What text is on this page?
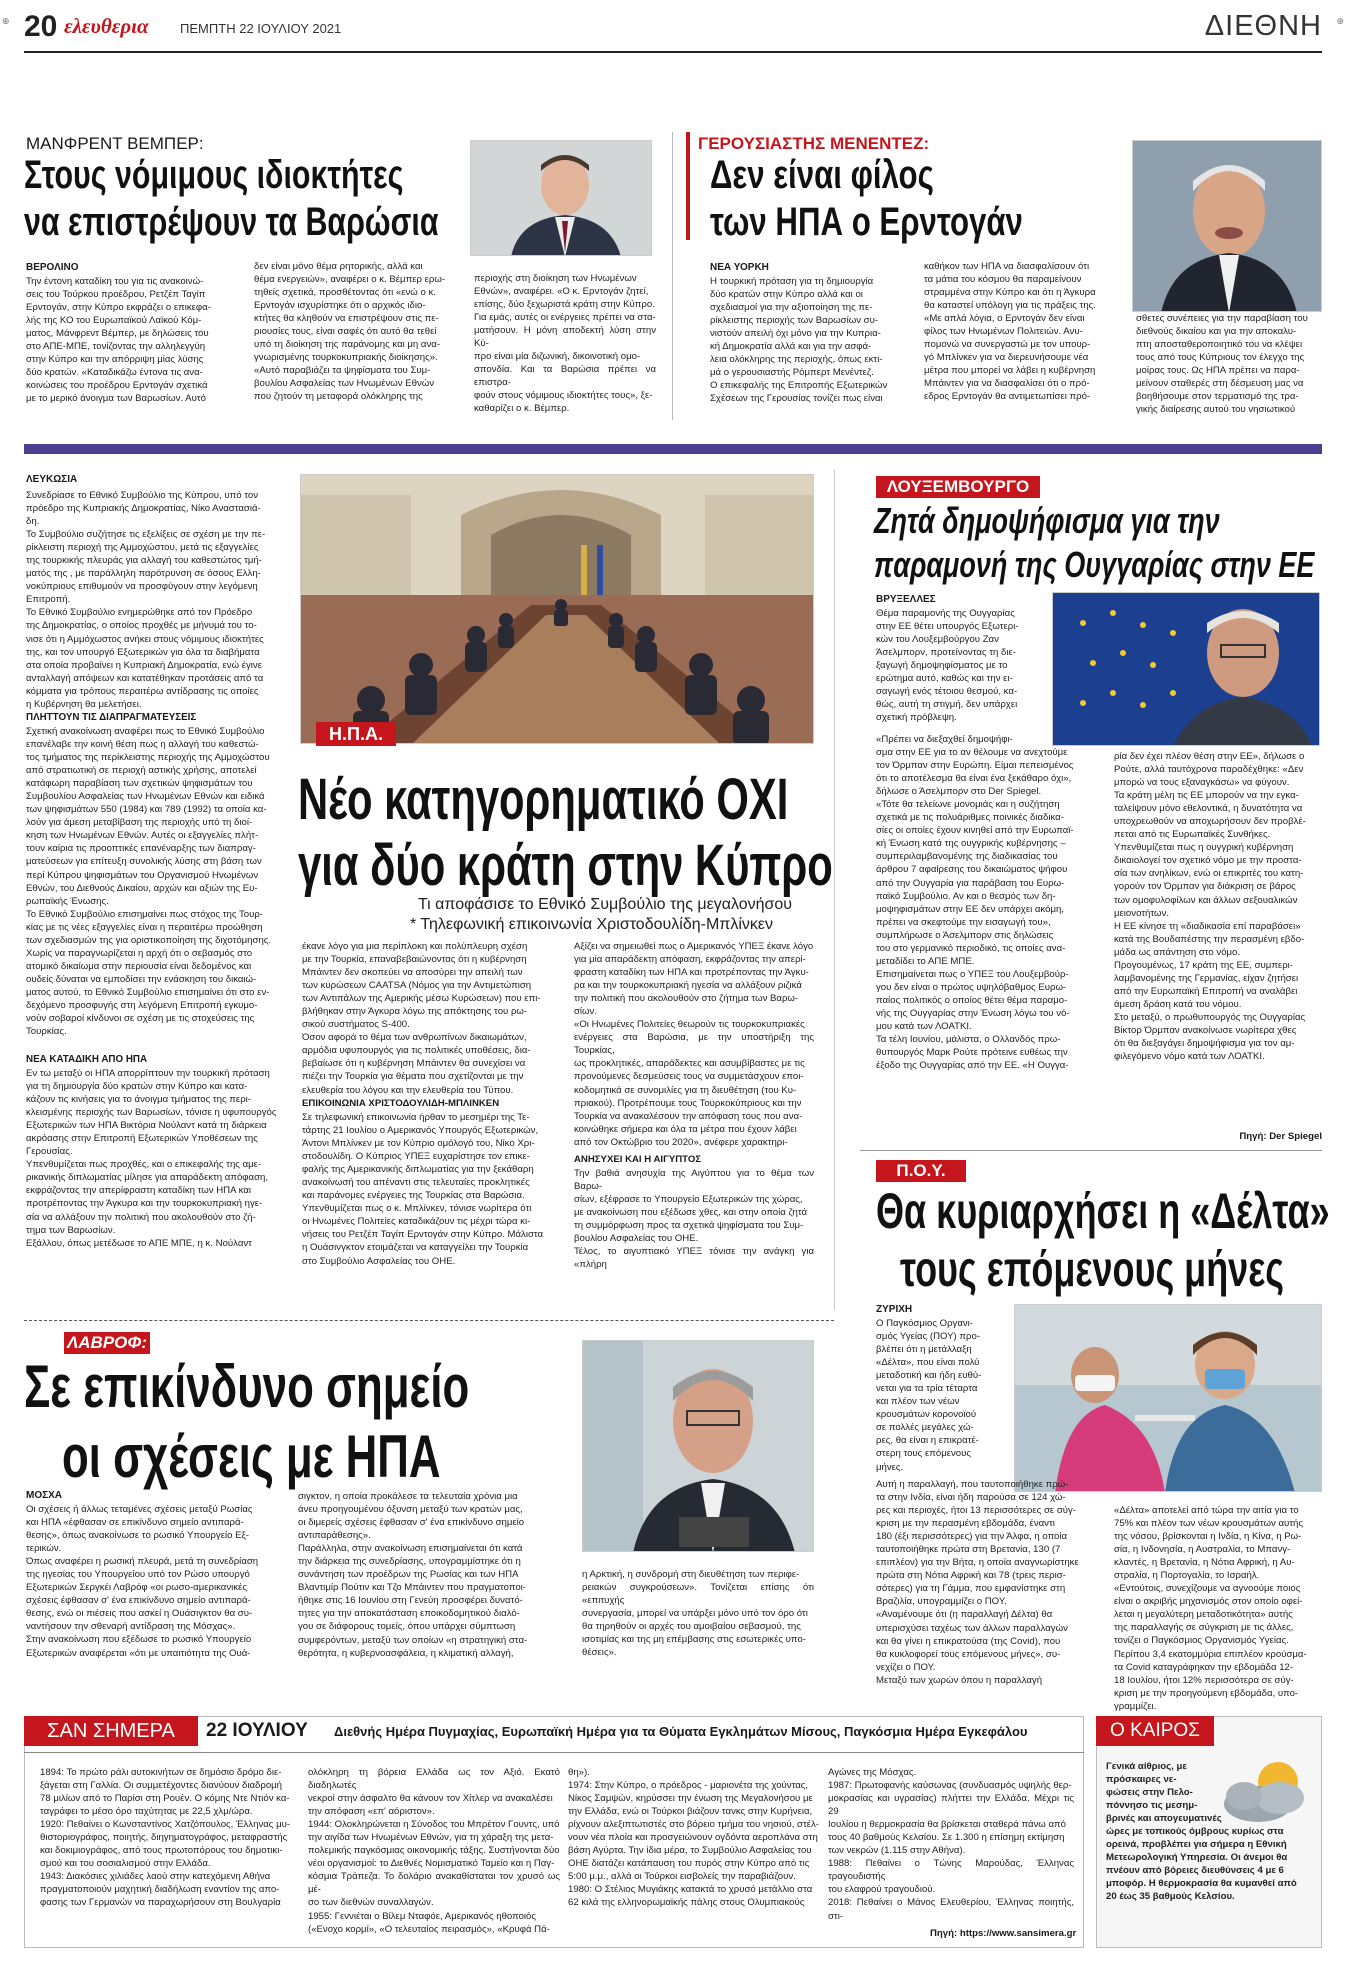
⊕ 20 ελευθερια ΠΕΜΠΤΗ 22 ΙΟΥΛΙΟΥ 2021	ΔΙΕΘΝΗ ⊕
ΜΑΝΦΡΕΝΤ ΒΕΜΠΕΡ:
Στους νόμιμους ιδιοκτήτες
να επιστρέψουν τα Βαρώσια
ΒΕΡΟΛΙΝΟ
Την έντονη καταδίκη του για τις ανακοινώ-
σεις του Τούρκου προέδρου, Ρετζέπ Ταγίπ
Ερντογάν, στην Κύπρο εκφράζει ο επικεφα-
λής της ΚΟ του Ευρωπαϊκού Λαϊκού Κόμ-
ματος, Μάνφρεντ Βέμπερ, με δηλώσεις του
στο ΑΠΕ-ΜΠΕ, τονίζοντας την αλληλεγγύη
στην Κύπρο και την απόρριψη μίας λύσης
δύο κρατών. «Καταδικάζω έντονα τις ανα-
κοινώσεις του προέδρου Ερντογάν σχετικά
με το μερικό άνοιγμα των Βαρωσίων. Αυτό
δεν είναι μόνο θέμα ρητορικής, αλλά και
θέμα ενεργειών», αναφέρει ο κ. Βέμπερ ερω-
τηθείς σχετικά, προσθέτοντας ότι «ενώ ο κ.
Ερντογάν ισχυρίστηκε ότι ο αρχικός ιδιο-
κτήτες θα κληθούν να επιστρέψουν στις πε-
ριουσίες τους, είναι σαφές ότι αυτό θα τεθεί
υπό τη διοίκηση της παράνομης και μη ανα-
γνωρισμένης τουρκοκυπριακής διοίκησης».
«Αυτό παραβιάζει τα ψηφίσματα του Συμ-
βουλίου Ασφαλείας των Ηνωμένων Εθνών
που ζητούν τη μεταφορά ολόκληρης της
περιοχής στη διοίκηση των Ηνωμένων
Εθνών», αναφέρει. «Ο κ. Ερντογάν ζητεί,
επίσης, δύο ξεχωριστά κράτη στην Κύπρο.
Για εμάς, αυτές οι ενέργειες πρέπει να στα-
ματήσουν. Η μόνη αποδεκτή λύση στην Κύ-
προ είναι μία διζωνική, δικοινοτική ομο-
σπονδία. Και τα Βαρώσια πρέπει να επιστρα-
φούν στους νόμιμους ιδιοκτήτες τους», ξε-
καθαρίζει ο κ. Βέμπερ.
ΓΕΡΟΥΣΙΑΣΤΗΣ ΜΕΝΕΝΤΕΖ:
Δεν είναι φίλος
των ΗΠΑ ο Ερντογάν
ΝΕΑ ΥΟΡΚΗ
Η τουρκική πρόταση για τη δημιουργία
δύο κρατών στην Κύπρο αλλά και οι
σχεδιασμοί για την αξιοποίηση της πε-
ρίκλειστης περιοχής των Βαρωσίων συ-
νιστούν απειλή όχι μόνο για την Κυπρια-
κή Δημοκρατία αλλά και για την ασφά-
λεια ολόκληρης της περιοχής, όπως εκτι-
μά ο γερουσιαστής Ρόμπερτ Μενέντεζ.
Ο επικεφαλής της Επιτροπής Εξωτερικών
Σχέσεων της Γερουσίας τονίζει πως είναι
καθήκον των ΗΠΑ να διασφαλίσουν ότι
τα μάτια του κόσμου θα παραμείνουν
στραμμένα στην Κύπρο και ότι η Άγκυρα
θα καταστεί υπόλογη για τις πράξεις της.
«Με απλά λόγια, ο Ερντογάν δεν είναι
φίλος των Ηνωμένων Πολιτειών. Ανυ-
πομονώ να συνεργαστώ με τον υπουρ-
γό Μπλίνκεν για να διερευνήσουμε νέα
μέτρα που μπορεί να λάβει η κυβέρνηση
Μπάιντεν για να διασφαλίσει ότι ο πρό-
εδρος Ερντογάν θα αντιμετωπίσει πρό-
σθετες συνέπειες για την παραβίαση του
διεθνούς δικαίου και για την αποκαλυ-
πτη αποσταθεροποιητικό του να κλέψει
τους από τους Κύπριους τον έλεγχο της
μοίρας τους. Ως ΗΠΑ πρέπει να παρα-
μείνουν σταθερές στη δέσμευση μας να
βοηθήσουμε στον τερματισμό της τρα-
γικής διαίρεσης αυτού του νησιωτικού

ΛΕΥΚΩΣΙΑ
Συνεδρίασε το Εθνικό Συμβούλιο της Κύπρου, υπό τον
πρόεδρο της Κυπριακής Δημοκρατίας, Νίκο Αναστασιά-
δη.
Το Συμβούλιο συζήτησε τις εξελίξεις σε σχέση με την πε-
ρίκλειστη περιοχή της Αμμοχώστου, μετά τις εξαγγελίες
της τουρκικής πλευράς για αλλαγή του καθεστώτος τμή-
ματός της , με παράλληλη παρότρυνση σε όσους Ελλη-
νοκύπριους επιθυμούν να προσφύγουν στην λεγόμενη
Επιτροπή.
Το Εθνικό Συμβούλιο ενημερώθηκε από τον Πρόεδρο
της Δημοκρατίας, ο οποίος προχθές με μήνυμά του το-
νισε ότι η Αμμόχωστος ανήκει στους νόμιμους ιδιοκτήτες
της, και τον υπουργό Εξωτερικών για όλα τα διαβήματα
στα οποία προβαίνει η Κυπριακή Δημοκρατία, ενώ έγινε
ανταλλαγή απόψεων και κατατέθηκαν προτάσεις από τα
κόμματα για τρόπους περαιτέρω αντίδρασης τις οποίες
η Κυβέρνηση θα μελετήσει.
ΠΛΗΤΤΟΥΝ ΤΙΣ ΔΙΑΠΡΑΓΜΑΤΕΥΣΕΙΣ
Σχετική ανακοίνωση αναφέρει πως το Εθνικό Συμβούλιο
επανέλαβε την κοινή θέση πως η αλλαγή του καθεστώ-
τος τμήματος της περίκλειστης περιοχής της Αμμοχώστου
από στρατιωτική σε περιοχή αστικής χρήσης, αποτελεί
κατάφωρη παραβίαση των σχετικών ψηφισμάτων του
Συμβουλίου Ασφαλείας των Ηνωμένων Εθνών και ειδικά
των ψηφισμάτων 550 (1984) και 789 (1992) τα οποία κα-
λούν για άμεση μεταβίβαση της περιοχής υπό τη διοί-
κηση των Ηνωμένων Εθνών. Αυτές οι εξαγγελίες πλήτ-
τουν καίρια τις προοπτικές επανέναρξης των διαπραγ-
ματεύσεων για επίτευξη συνολικής λύσης στη βάση των
περί Κύπρου ψηφισμάτων του Οργανισμού Ηνωμένων
Εθνών, του Διεθνούς Δικαίου, αρχών και αξιών της Ευ-
ρωπαϊκής Ένωσης.
Το Εθνικό Συμβούλιο επισημαίνει πως στόχος της Τουρ-
κίας με τις νέες εξαγγελίες είναι η περαιτέρω προώθηση
των σχεδιασμών της για οριστικοποίηση της διχοτόμησης.
Χωρίς να παραγνωρίζεται η αρχή ότι ο σεβασμός στο
ατομικό δικαίωμα στην περιουσία είναι δεδομένος και
ουδείς δύναται να εμποδίσει την ενάσκηση του δικαιώ-
ματος αυτού, το Εθνικό Συμβούλιο επισημαίνει ότι στο εν-
δεχόμενο προσφυγής στη λεγόμενη Επιτροπή εγκυμο-
νούν σοβαροί κίνδυνοι σε σχέση με τις στοχεύσεις της
Τουρκίας.
ΝΕΑ ΚΑΤΑΔΙΚΗ ΑΠΟ ΗΠΑ
Εν τω μεταξύ οι ΗΠΑ απορρίπτουν την τουρκική πρόταση
για τη δημιουργία δύο κρατών στην Κύπρο και κατα-
κάζουν τις κινήσεις για το άνοιγμα τμήματος της περι-
κλεισμένης περιοχής των Βαρωσίων, τόνισε η υφυπουργός
Εξωτερικών των ΗΠΑ Βικτόρια Νούλαντ κατά τη διάρκεια
ακρόασης στην Επιτροπή Εξωτερικών Υποθέσεων της
Γερουσίας.
Υπενθυμίζεται πως προχθές, και ο επικεφαλής της αμε-
ρικανικής διπλωματίας μίλησε για απαράδεκτη απόφαση,
εκφράζοντας την απερίφραστη καταδίκη των ΗΠΑ και
προτρέποντας την Άγκυρα και την τουρκοκυπριακή ηγε-
σία να αλλάξουν την πολιτική που ακολουθούν στο ζή-
τημα των Βαρωσίων.
Εξάλλου, όπως μετέδωσε το ΑΠΕ ΜΠΕ, η κ. Νούλαντ
Η.Π.Α.
Νέο κατηγορηματικό ΟΧΙ
για δύο κράτη στην Κύπρο
Τι αποφάσισε το Εθνικό Συμβούλιο της μεγαλονήσου
* Τηλεφωνική επικοινωνία Χριστοδουλίδη-Μπλίνκεν
έκανε λόγο για μια περίπλοκη και πολύπλευρη σχέση
με την Τουρκία, επαναβεβαιώνοντας ότι η κυβέρνηση
Μπάιντεν δεν σκοπεύει να αποσύρει την απειλή των
των κυρώσεων CAATSA (Νόμος για την Αντιμετώπιση
των Αντιπάλων της Αμερικής μέσω Κυρώσεων) που επι-
βλήθηκαν στην Άγκυρα λόγω της απόκτησης του ρω-
σικού συστήματος S-400.
Όσον αφορά το θέμα των ανθρωπίνων δικαιωμάτων,
αρμόδια υφυπουργός για τις πολιτικές υποθέσεις, δια-
βεβαίωσε ότι η κυβέρνηση Μπάιντεν θα συνεχίσει να
πιέζει την Τουρκία για θέματα που σχετίζονται με την
ελευθερία του λόγου και την ελευθερία του Τύπου.
ΕΠΙΚΟΙΝΩΝΙΑ ΧΡΙΣΤΟΔΟΥΛΙΔΗ-ΜΠΛΙΝΚΕΝ
Σε τηλεφωνική επικοινωνία ήρθαν το μεσημέρι της Τε-
τάρτης 21 Ιουλίου ο Αμερικανός Υπουργός Εξωτερικών,
Άντονι Μπλίνκεν με τον Κύπριο ομόλογό του, Νίκο Χρι-
στοδουλίδη. Ο Κύπριος ΥΠΕΞ ευχαρίστησε τον επικε-
φαλής της Αμερικανικής διπλωματίας για την ξεκάθαρη
ανακοίνωσή του απέναντι στις τελευταίες προκλητικές
και παράνομες ενέργειες της Τουρκίας στα Βαρώσια.
Υπενθυμίζεται πως ο κ. Μπλίνκεν, τόνισε νωρίτερα ότι
οι Ηνωμένες Πολιτείες καταδικάζουν τις μέχρι τώρα κι-
νήσεις του Ρετζέπ Ταγίπ Ερντογάν στην Κύπρο. Μάλιστα
η Ουάσινγκτον ετοιμάζεται να καταγγείλει την Τουρκία
στο Συμβούλιο Ασφαλείας του ΟΗΕ.
Αξίζει να σημειωθεί πως ο Αμερικανός ΥΠΕΞ έκανε λόγο
για μία απαράδεκτη απόφαση, εκφράζοντας την απερί-
φραστη καταδίκη των ΗΠΑ και προτρέποντας την Άγκυ-
ρα και την τουρκοκυπριακή ηγεσία να αλλάξουν ριζικά
την πολιτική που ακολουθούν στο ζήτημα των Βαρω-
σίων.
«Οι Ηνωμένες Πολιτείες θεωρούν τις τουρκοκυπριακές
ενέργειες στα Βαρώσια, με την υποστήριξη της Τουρκίας,
ως προκλητικές, απαράδεκτες και ασυμβίβαστες με τις
προνούμενες δεσμεύσεις τους να συμμετάσχουν εποι-
κοδομητικά σε συνομιλίες για τη διευθέτηση (του Κυ-
πριακού). Προτρέπουμε τους Τουρκοκύπριους και την
Τουρκία να ανακαλέσουν την απόφαση τους που ανα-
κοινώθηκε σήμερα και όλα τα μέτρα που έχουν λάβει
από τον Οκτώβριο του 2020», ανέφερε χαρακτηρι-

ΑΝΗΣΥΧΕΙ ΚΑΙ Η ΑΙΓΥΠΤΟΣ
Την βαθιά ανησυχία της Αιγύπτου για το θέμα των Βαρω-
σίων, εξέφρασε το Υπουργείο Εξωτερικών της χώρας,
με ανακοίνωση που εξέδωσε χθες, και στην οποία ζητά
τη συμμόρφωση προς τα σχετικά ψηφίσματα του Συμ-
βουλίου Ασφαλείας του ΟΗΕ.
Τέλος, το αιγυπτιακό ΥΠΕΞ τόνισε την ανάγκη για «πλήρη

ΛΟΥΞΕΜΒΟΥΡΓΟ
Ζητά δημοψήφισμα για την
παραμονή της Ουγγαρίας στην ΕΕ
ΒΡΥΞΕΛΛΕΣ
Θέμα παραμονής της Ουγγαρίας
στην ΕΕ θέτει υπουργός Εξωτερι-
κών του Λουξεμβούργου Ζαν
Άσελμπορν, προτείνοντας τη διε-
ξαγωγή δημοψηφίσματος με το
ερώτημα αυτό, καθώς και την ει-
σαγωγή ενός τέτοιου θεσμού, κα-
θώς, αυτή τη στιγμή, δεν υπάρχει
σχετική πρόβλεψη.
«Πρέπει να διεξαχθεί δημοψήφι-
σμα στην ΕΕ για το αν θέλουμε να ανεχτούμε
τον Όρμπαν στην Ευρώπη. Είμαι πεπεισμένος
ότι το αποτέλεσμα θα είναι ένα ξεκάθαρο όχι»,
δήλωσε ο Άσελμπορν στο Der Spiegel.
«Τότε θα τελείωνε μονομιάς και η συζήτηση
σχετικά με τις πολυάριθμες ποινικές διαδικα-
σίες οι οποίες έχουν κινηθεί από την Ευρωπαϊ-
κή Ένωση κατά της ουγγρικής κυβέρνησης –
συμπεριλαμβανομένης της διαδικασίας του
άρθρου 7 αφαίρεσης του δικαιώματος ψήφου
από την Ουγγαρία για παράβαση του Ευρω-
παϊκό Συμβούλιο. Αν και ο θεσμός των δη-
μοψηφισμάτων στην ΕΕ δεν υπάρχει ακόμη,
πρέπει να σκεφτούμε την εισαγωγή του»,
συμπλήρωσε ο Άσελμπορν στις δηλώσεις
του στο γερμανικό περιοδικό, τις οποίες ανα-
μεταδίδει το ΑΠΕ ΜΠΕ.
Επισημαίνεται πως ο ΥΠΕΞ του Λουξεμβούρ-
γου δεν είναι ο πρώτος υψηλόβαθμος Ευρω-
παίος πολιτικός ο οποίος θέτει θέμα παραμο-
νής της Ουγγαρίας στην Ένωση λόγω του νό-
μου κατά των ΛΟΑΤΚΙ.
Τα τέλη Ιουνίου, μάλιστα, ο Ολλανδός πρω-
θυπουργός Μαρκ Ρούτε πρότεινε ευθέως την
έξοδο της Ουγγαρίας από την ΕΕ. «Η Ουγγα-
ρία δεν έχει πλέον θέση στην ΕΕ», δήλωσε ο
Ρούτε, αλλά ταυτόχρονα παραδέχθηκε: «Δεν
μπορώ να τους εξαναγκάσω» να φύγουν.
Τα κράτη μέλη τις ΕΕ μπορούν να την εγκα-
ταλείψουν μόνο εθελοντικά, η δυνατότητα να
υποχρεωθούν να αποχωρήσουν δεν προβλέ-
πεται από τις Ευρωπαϊκές Συνθήκες.
Υπενθυμίζεται πως η ουγγρική κυβέρνηση
δικαιολογεί τον σχετικό νόμο με την προστα-
σία των ανηλίκων, ενώ οι επικριτές του κατη-
γορούν τον Όρμπαν για διάκριση σε βάρος
των ομοφυλοφίλων και άλλων σεξουαλικών
μειονοτήτων.
Η ΕΕ κίνησε τη «διαδικασία επί παραβάσει»
κατά της Βουδαπέστης την περασμένη εβδο-
μάδα ως απάντηση στο νόμο.
Προγουμένως, 17 κράτη της ΕΕ, συμπερι-
λαμβανομένης της Γερμανίας, είχαν ζητήσει
από την Ευρωπαϊκή Επιτροπή να αναλάβει
άμεση δράση κατά του νόμου.
Στο μεταξύ, ο πρωθυπουργός της Ουγγαρίας
Βίκτορ Όρμπαν ανακοίνωσε νωρίτερα χθες
ότι θα διεξαγάγει δημοψήφισμα για τον αμ-
φιλεγόμενο νόμο κατά των ΛΟΑΤΚΙ.
Πηγή: Der Spiegel
Π.Ο.Υ.
Θα κυριαρχήσει η «Δέλτα»
τους επόμενους μήνες
ΖΥΡΙΧΗ
Ο Παγκόσμιος Οργανι-
σμός Υγείας (ΠΟΥ) προ-
βλέπει ότι η μετάλλαξη
«Δέλτα», που είναι πολύ
μεταδοτική και ήδη ευθύ-
νεται για τα τρία τέταρτα
και πλέον των νέων
κρουσμάτων κορονοϊού
σε πολλές μεγάλες χώ-
ρες, θα είναι η επικρατέ-
στερη τους επόμενους
μήνες.
Αυτή η παραλλαγή, που ταυτοποιήθηκε πρώ-
τα στην Ινδία, είναι ήδη παρούσα σε 124 χώ-
ρες και περιοχές, ήτοι 13 περισσότερες σε σύγ-
κριση με την περασμένη εβδομάδα, έναντι
180 (έξι περισσότερες) για την Άλφα, η οποία
ταυτοποιήθηκε πρώτα στη Βρετανία, 130 (7
επιπλέον) για την Βήτα, η οποία αναγνωρίστηκε
πρώτα στη Νότια Αφρική και 78 (τρεις περισ-
σότερες) για τη Γάμμα, που εμφανίστηκε στη
Βραζιλία, υπογραμμίζει ο ΠΟΥ.
«Αναμένουμε ότι (η παραλλαγή Δέλτα) θα
υπερισχύσει ταχέως των άλλων παραλλαγών
και θα γίνει η επικρατούσα (της Covid), που
θα κυκλοφορεί τους επόμενους μήνες», συ-
νεχίζει ο ΠΟΥ.
Μεταξύ των χωρών όπου η παραλλαγή
«Δέλτα» αποτελεί από τώρα την αιτία για το
75% και πλέον των νέων κρουσμάτων αυτής
της νόσου, βρίσκονται η Ινδία, η Κίνα, η Ρω-
σία, η Ινδονησία, η Αυστραλία, το Μπανγ-
κλαντές, η Βρετανία, η Νότια Αφρική, η Αυ-
στραλία, η Πορτογαλία, το Ισραήλ.
«Εντούτοις, συνεχίζουμε να αγνοούμε ποιος
είναι ο ακριβής μηχανισμός στον οποίο οφεί-
λεται η μεγαλύτερη μεταδοτικότητα» αυτής
της παραλλαγής σε σύγκριση με τις άλλες,
τονίζει ο Παγκόσμιος Οργανισμός Υγείας.
Περίπου 3,4 εκατομμύρια επιπλέον κρούσμα-
τα Covid καταγράφηκαν την εβδομάδα 12-
18 Ιουλίου, ήτοι 12% περισσότερα σε σύγ-
κριση με την προηγούμενη εβδομάδα, υπο-
γραμμίζει.
ΛΑΒΡΟΦ:
Σε επικίνδυνο σημείο
οι σχέσεις με ΗΠΑ
ΜΟΣΧΑ
Οι σχέσεις ή άλλως τεταμένες σχέσεις μεταξύ Ρωσίας
και ΗΠΑ «έφθασαν σε επικίνδυνο σημείο αντιπαρά-
θεσης», όπως ανακοίνωσε το ρωσικό Υπουργείο Εξ-
τερικών.
Όπως αναφέρει η ρωσική πλευρά, μετά τη συνεδρίαση
της ηγεσίας του Υπουργείου υπό τον Ρώσο υπουργό
Εξωτερικών Σεργκέι Λαβρόφ «οι ρωσο-αμερικανικές
σχέσεις έφθασαν σ' ένα επικίνδυνο σημείο αντιπαρά-
θεσης, ενώ οι πιέσεις που ασκεί η Ουάσιγκτον θα συ-
ναντήσουν την σθεναρή αντίδραση της Μόσχας».
Στην ανακοίνωση που εξέδωσε το ρωσικό Υπουργείο
Εξωτερικών αναφέρεται «ότι με υπαιτιότητα της Ουά-
σιγκτον, η οποία προκάλεσε τα τελευταία χρόνια μια
άνευ προηγουμένου όξυνση μεταξύ των κρατών μας,
οι διμερείς σχέσεις έφθασαν σ' ένα επικίνδυνο σημείο
αντιπαράθεσης».
Παράλληλα, στην ανακοίνωση επισημαίνεται ότι κατά
την διάρκεια της συνεδρίασης, υπογραμμίστηκε ότι η
συνάντηση των προέδρων της Ρωσίας και των ΗΠΑ
Βλαντιμίρ Πούτιν και Τζο Μπάιντεν που πραγματοποι-
ήθηκε στις 16 Ιουνίου στη Γενεύη προσφέρει δυνατό-
τητες για την αποκατάσταση εποικοδομητικού διαλό-
γου σε διάφορους τομείς, όπου υπάρχει σύμπτωση
συμφερόντων, μεταξύ των οποίων «η στρατηγική στα-
θερότητα, η κυβερνοασφάλεια, η κλιματική αλλαγή,
η Αρκτική, η συνδρομή στη διευθέτηση των περιφε-
ρειακών συγκρούσεων». Τονίζεται επίσης ότι «επιτυχής
συνεργασία, μπορεί να υπάρξει μόνο υπό τον όρο ότι
θα τηρηθούν οι αρχές του αμοιβαίου σεβασμού, της
ισοτιμίας και της μη επέμβασης στις εσωτερικές υπο-
θέσεις».
ΣΑΝ ΣΗΜΕΡΑ	22 ΙΟΥΛΙΟΥ Διεθνής Ημέρα Πυγμαχίας, Ευρωπαϊκή Ημέρα για τα Θύματα Εγκλημάτων Μίσους, Παγκόσμια Ημέρα Εγκεφάλου
1894: Το πρώτο ράλι αυτοκινήτων σε δημόσιο δρόμο διε-
ξάγεται στη Γαλλία. Οι συμμετέχοντες διανύουν διαδρομή
78 μιλίων από το Παρίσι στη Ρουέν. Ο κόμης Ντε Ντιόν κα-
ταγράφει το μέσο όρο ταχύτητας με 22,5 χλμ/ώρα.
1920: Πεθαίνει ο Κωνσταντίνος Χατζόπουλος, Έλληνας μυ-
θιστοριογράφος, ποιητής, διηγηματογράφος, μεταφραστής
και δοκιμιογράφος, από τους πρωτοπόρους του δημοτικι-
σμού και του σοσιαλισμού στην Ελλάδα.
1943: Διακόσιες χιλιάδες λαού στην κατεχόμενη Αθήνα
πραγματοποιούν μαχητική διαδήλωση εναντίον της απο-
φασης των Γερμανών να παραχωρήσουν στη Βουλγαρία
ολόκληρη τη βόρεια Ελλάδα ως τον Αξιό. Εκατό διαδηλωτές
νεκροί στην άσφαλτο θα κάνουν τον Χίτλερ να ανακαλέσει
την απόφαση «επ' αόριστον».
1944: Ολοκληρώνεται η Σύνοδος του Μπρέτον Γουντς, υπό
την αιγίδα των Ηνωμένων Εθνών, για τη χάραξη της μετα-
πολεμικής παγκόσμιας οικονομικής τάξης. Συστήνονται δύο
νέοι οργανισμοί: το Διεθνές Νομισματικό Ταμείο και η Παγ-
κόσμια Τράπεζα. Το δολάριο ανακαθίσταται τον χρυσό ως μέ-
σο των διεθνών συναλλαγών.
1955: Γεννιέται ο Βίλεμ Νταφόε, Αμερικανός ηθοποιός
(«Ενοχο κορμί», «Ο τελευταίος πειρασμός», «Κρυφά Πά-
θη»).
1974: Στην Κύπρο, ο πρόεδρος - μαριονέτα της χούντας,
Νίκος Σαμψών, κηρύσσει την ένωση της Μεγαλονήσου με
την Ελλάδα, ενώ οι Τούρκοι βιάζουν τανκς στην Κυρήνεια,
ρίχνουν αλεξιπτωτιστές στο βόρειο τμήμα του νησιού, στέλ-
νουν νέα πλοία και προσγειώνουν ογδόντα αεροπλάνα στη
βάση Αγύρτα. Την ίδια μέρα, το Συμβούλιο Ασφαλείας του
ΟΗΕ διατάζει κατάπαυση του πυρός στην Κύπρο από τις
5:00 μ.μ., αλλά οι Τούρκοι εισβολείς την παραβιάζουν.
1980: Ο Στέλιος Μυγιάκης κατακτά το χρυσό μετάλλιο στα
62 κιλά της ελληνορωμαϊκής πάλης στους Ολυμπιακούς
Αγώνες της Μόσχας.
1987: Πρωτοφανής καύσωνας (συνδυασμός υψηλής θερ-
μοκρασίας και υγρασίας) πλήττει την Ελλάδα. Μέχρι τις 29
Ιουλίου η θερμοκρασία θα βρίσκεται σταθερά πάνω από
τους 40 βαθμούς Κελσίου. Σε 1.300 η επίσημη εκτίμηση
των νεκρών (1.115 στην Αθήνα).
1988: Πεθαίνει ο Τώνης Μαρούδας, Έλληνας τραγουδιστής
του ελαφρού τραγουδιού.
2018: Πεθαίνει ο Μάνος Ελευθερίου, Έλληνας ποιητής, στι-

Πηγή: https://www.sansimera.gr
Ο ΚΑΙΡΟΣ
Γενικά αίθριος, με
πρόσκαιρες νε-
φώσεις στην Πελο-
πόννησο τις μεσημ-
βρινές και απογευματινές
ώρες με τοπικούς όμβρους κυρίως στα
ορεινά, προβλέπει για σήμερα η Εθνική
Μετεωρολογική Υπηρεσία. Οι άνεμοι θα
πνέουν από βόρειες διευθύνσεις 4 με 6
μποφόρ. Η θερμοκρασία θα κυμανθεί από
20 έως 35 βαθμούς Κελσίου.
